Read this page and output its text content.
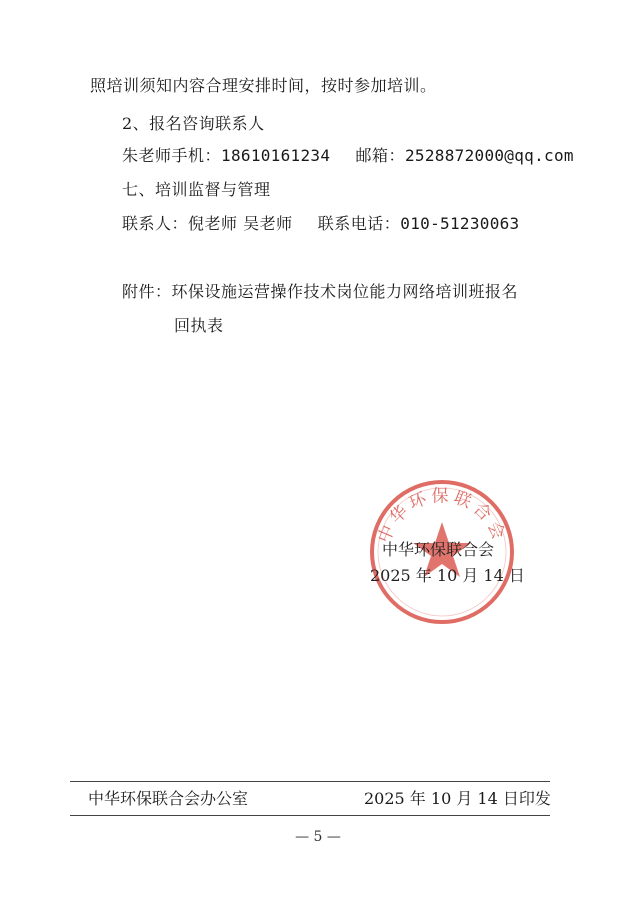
照培训须知内容合理安排时间，按时参加培训。
2、报名咨询联系人
朱老师手机：18610161234 邮箱：2528872000@qq.com
七、培训监督与管理
联系人：倪老师 吴老师 联系电话：010-51230063
附件：环保设施运营操作技术岗位能力网络培训班报名
回执表
中华环保联合会
中华环保联合会
2025 年 10 月 14 日
中华环保联合会办公室	2025 年 10 月 14 日印发
— 5 —
